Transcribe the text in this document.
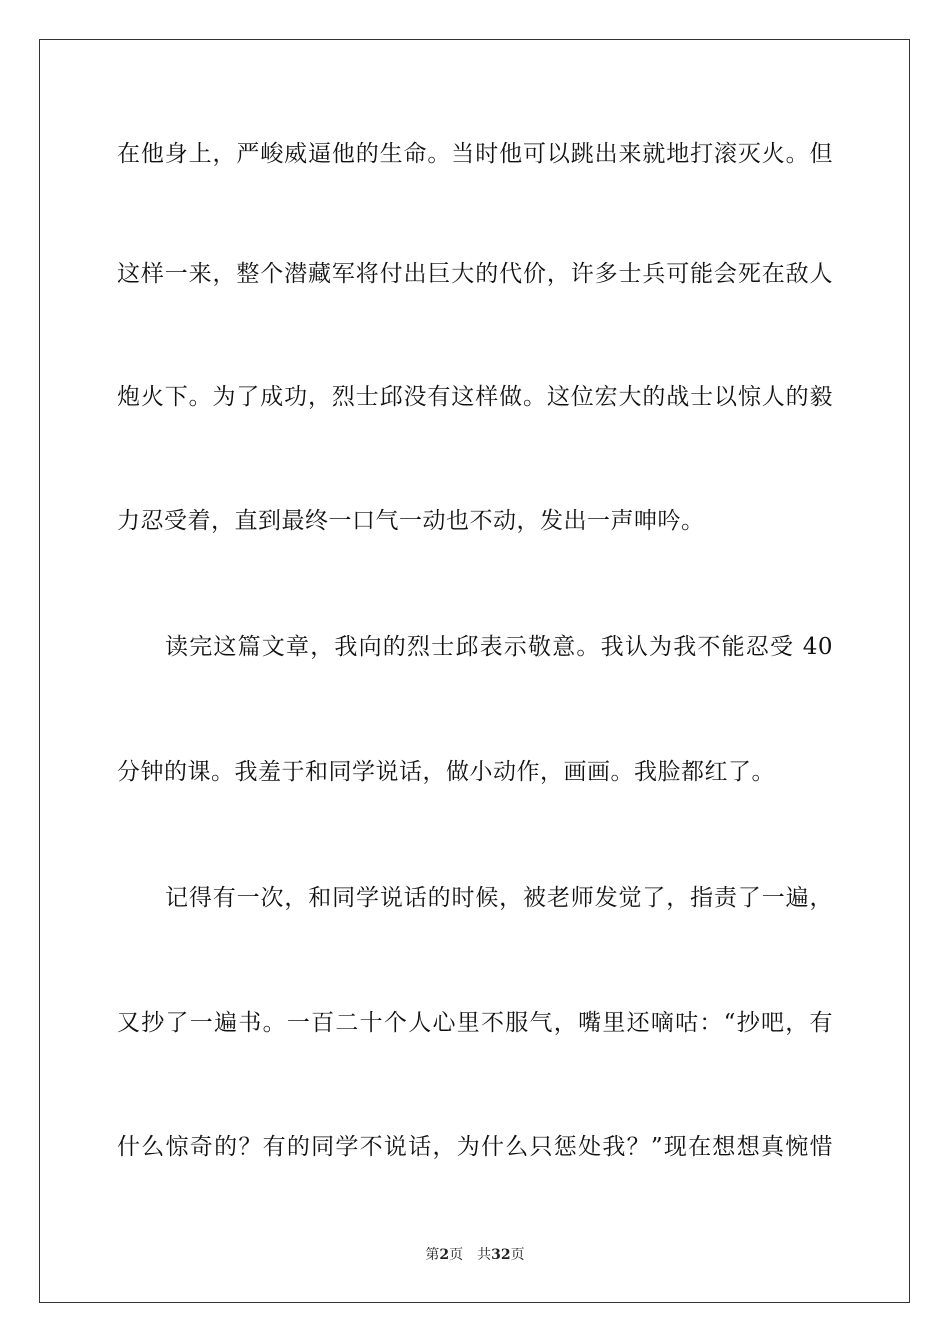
在他身上，严峻威逼他的生命。当时他可以跳出来就地打滚灭火。但
这样一来，整个潜藏军将付出巨大的代价，许多士兵可能会死在敌人
炮火下。为了成功，烈士邱没有这样做。这位宏大的战士以惊人的毅
力忍受着，直到最终一口气一动也不动，发出一声呻吟。
读完这篇文章，我向的烈士邱表示敬意。我认为我不能忍受 40
分钟的课。我羞于和同学说话，做小动作，画画。我脸都红了。
记得有一次，和同学说话的时候，被老师发觉了，指责了一遍，
又抄了一遍书。一百二十个人心里不服气，嘴里还嘀咕：“抄吧，有
什么惊奇的？有的同学不说话，为什么只惩处我？”现在想想真惋惜
第2页 共32页
